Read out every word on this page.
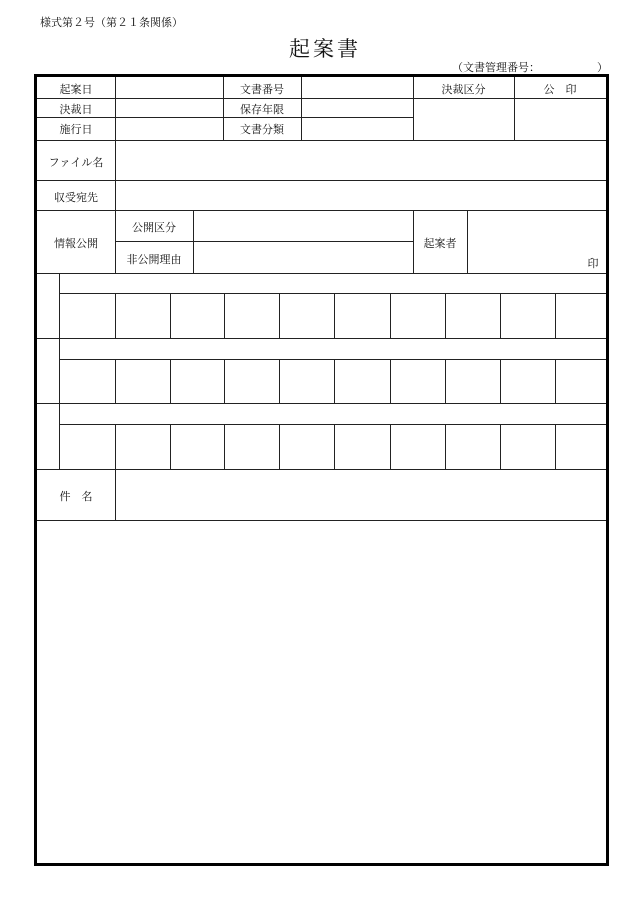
様式第２号（第２１条関係）
起案書
（文書管理番号：	）
起案日
決裁日
施行日
文書番号
保存年限
文書分類
決裁区分	公　印
ファイル名
収受宛先
情報公開
公開区分
非公開理由
起案者
印
件　名
